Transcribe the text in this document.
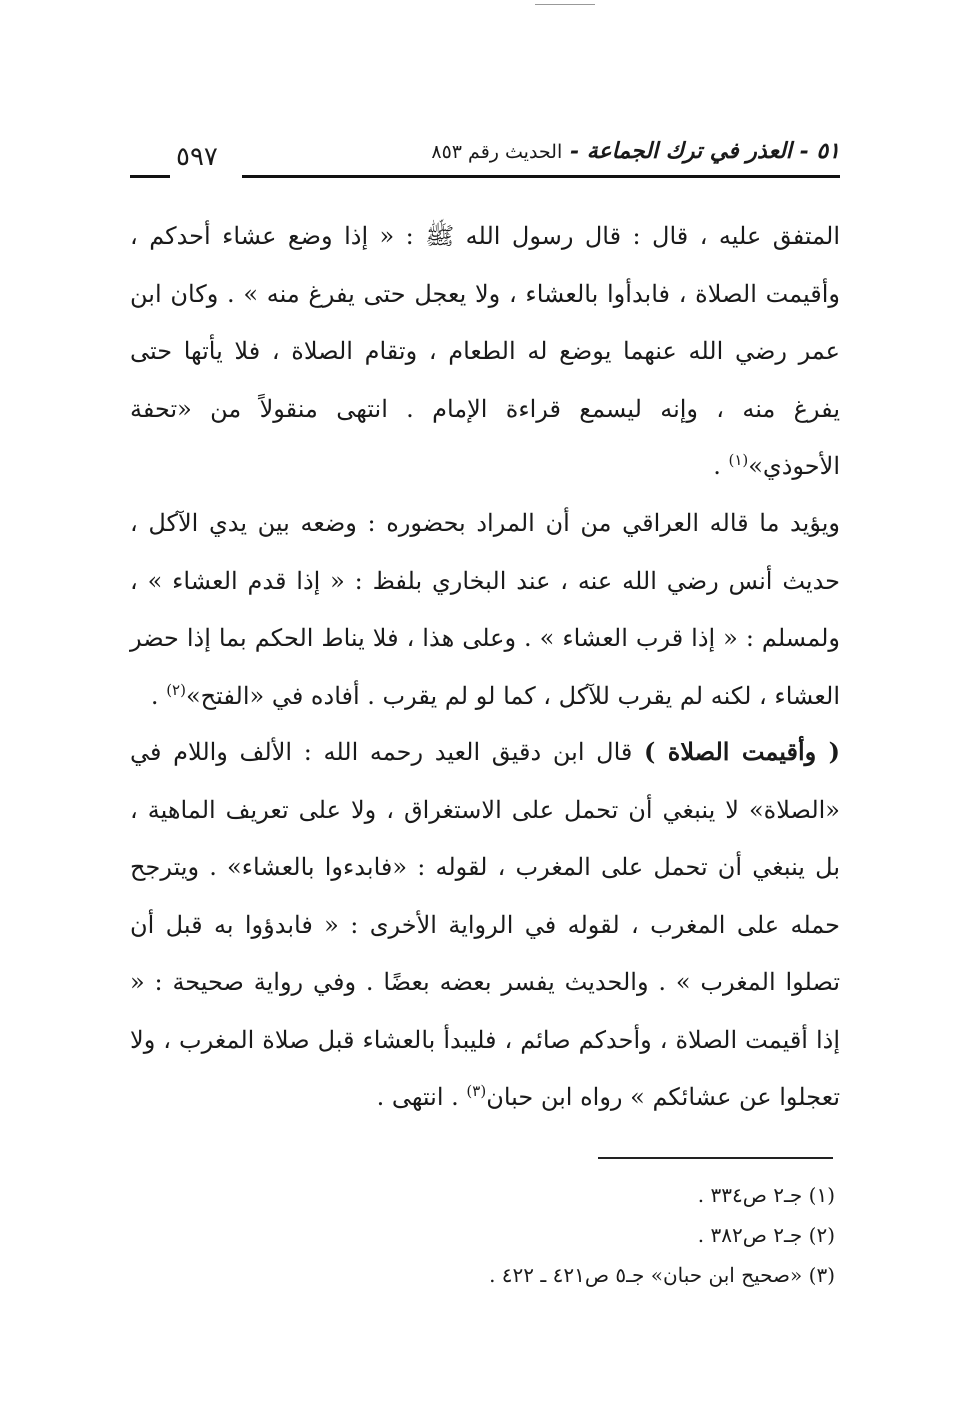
٥١ - العذر في ترك الجماعة - الحديث رقم ٨٥٣
٥٩٧

المتفق عليه ، قال : قال رسول الله ﷺ : « إذا وضع عشاء أحدكم ، وأقيمت الصلاة ، فابدأوا بالعشاء ، ولا يعجل حتى يفرغ منه » . وكان ابن عمر رضي الله عنهما يوضع له الطعام ، وتقام الصلاة ، فلا يأتها حتى يفرغ منه ، وإنه ليسمع قراءة الإمام . انتهى منقولاً من «تحفة الأحوذي»$^{(١)}$ .

ويؤيد ما قاله العراقي من أن المراد بحضوره : وضعه بين يدي الآكل ، حديث أنس رضي الله عنه ، عند البخاري بلفظ : « إذا قدم العشاء » ، ولمسلم : « إذا قرب العشاء » . وعلى هذا ، فلا يناط الحكم بما إذا حضر العشاء ، لكنه لم يقرب للآكل ، كما لو لم يقرب . أفاده في «الفتح»$^{(٢)}$ .

( وأقيمت الصلاة ) قال ابن دقيق العيد رحمه الله : الألف واللام في «الصلاة» لا ينبغي أن تحمل على الاستغراق ، ولا على تعريف الماهية ، بل ينبغي أن تحمل على المغرب ، لقوله : «فابدءوا بالعشاء» . ويترجح حمله على المغرب ، لقوله في الرواية الأخرى : « فابدؤوا به قبل أن تصلوا المغرب » . والحديث يفسر بعضه بعضًا . وفي رواية صحيحة : « إذا أقيمت الصلاة ، وأحدكم صائم ، فليبدأ بالعشاء قبل صلاة المغرب ، ولا تعجلوا عن عشائكم » رواه ابن حبان$^{(٣)}$ . انتهى .

(١) جـ٢ ص٣٣٤ .
(٢) جـ٢ ص٣٨٢ .
(٣) «صحيح ابن حبان» جـ٥ ص٤٢١ ـ ٤٢٢ .
